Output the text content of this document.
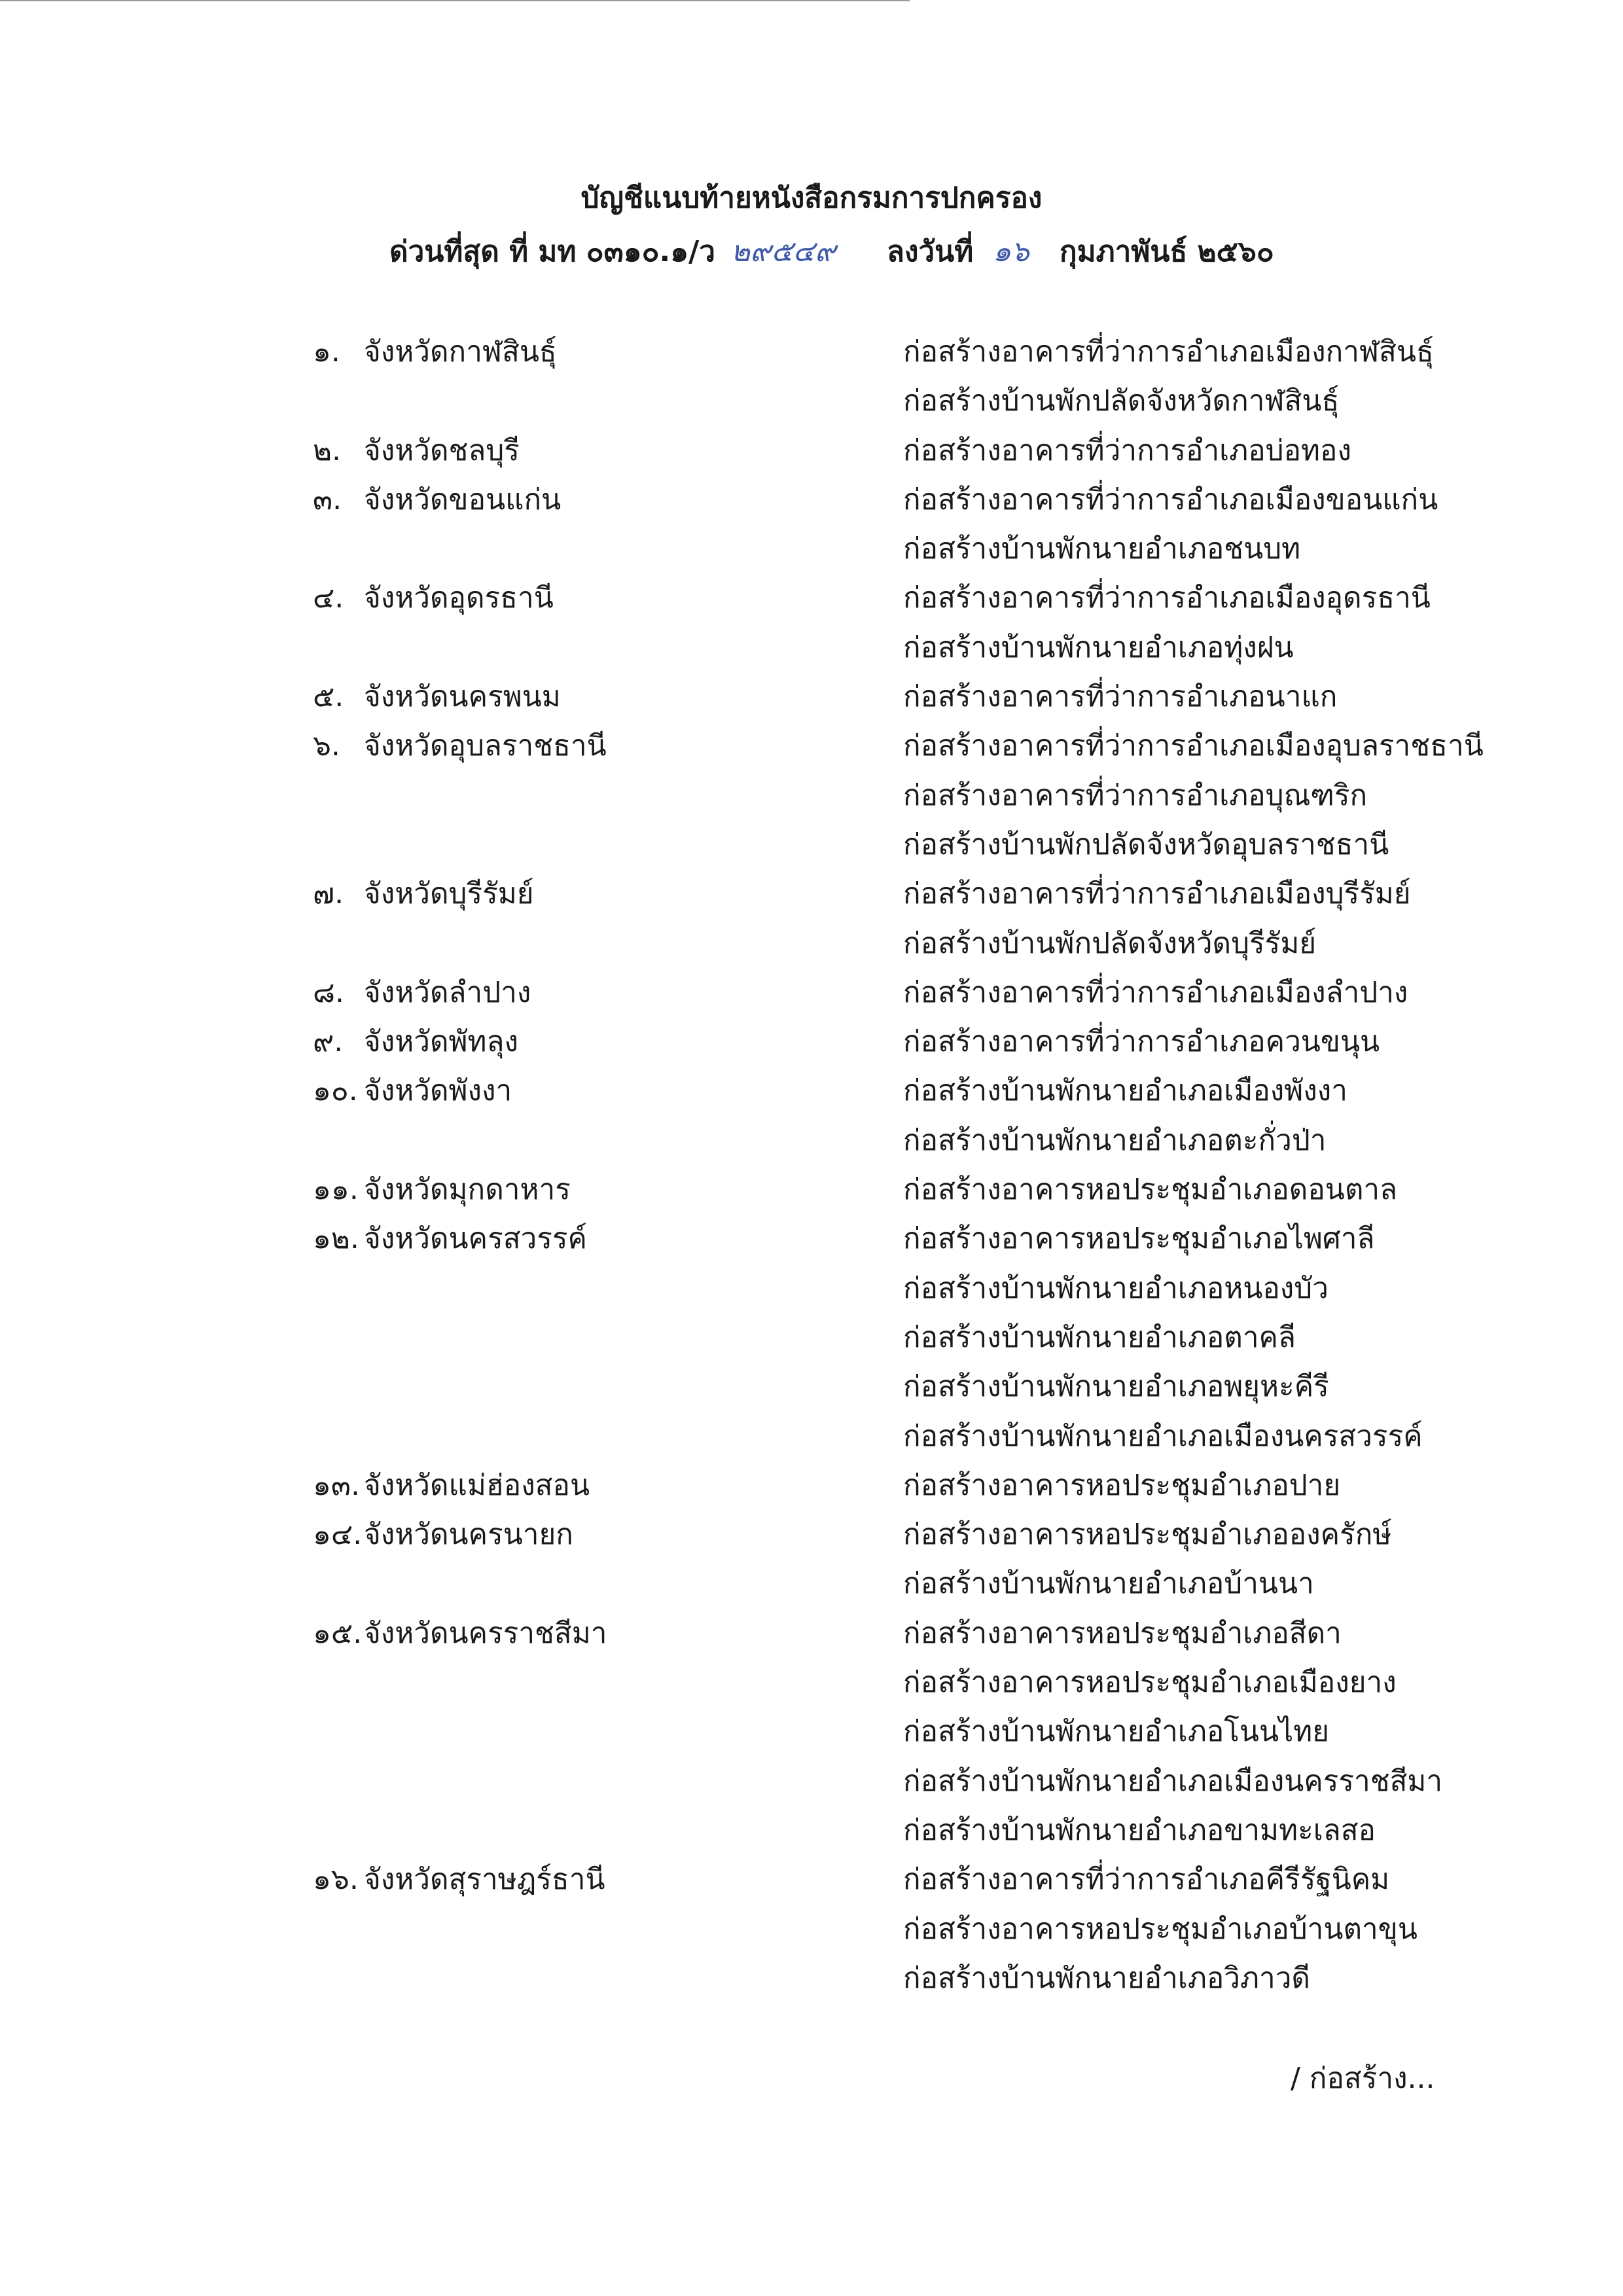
บัญชีแนบท้ายหนังสือกรมการปกครอง
ด่วนที่สุด ที่ มท ๐๓๑๐.๑/ว ๒๙๕๔๙ ลงวันที่ ๑๖ กุมภาพันธ์ ๒๕๖๐
๑. จังหวัดกาฬสินธุ์	ก่อสร้างอาคารที่ว่าการอำเภอเมืองกาฬสินธุ์
ก่อสร้างบ้านพักปลัดจังหวัดกาฬสินธุ์
๒. จังหวัดชลบุรี	ก่อสร้างอาคารที่ว่าการอำเภอบ่อทอง
๓. จังหวัดขอนแก่น	ก่อสร้างอาคารที่ว่าการอำเภอเมืองขอนแก่น
ก่อสร้างบ้านพักนายอำเภอชนบท
๔. จังหวัดอุดรธานี	ก่อสร้างอาคารที่ว่าการอำเภอเมืองอุดรธานี
ก่อสร้างบ้านพักนายอำเภอทุ่งฝน
๕. จังหวัดนครพนม	ก่อสร้างอาคารที่ว่าการอำเภอนาแก
๖. จังหวัดอุบลราชธานี	ก่อสร้างอาคารที่ว่าการอำเภอเมืองอุบลราชธานี
ก่อสร้างอาคารที่ว่าการอำเภอบุณฑริก
ก่อสร้างบ้านพักปลัดจังหวัดอุบลราชธานี
๗. จังหวัดบุรีรัมย์	ก่อสร้างอาคารที่ว่าการอำเภอเมืองบุรีรัมย์
ก่อสร้างบ้านพักปลัดจังหวัดบุรีรัมย์
๘. จังหวัดลำปาง	ก่อสร้างอาคารที่ว่าการอำเภอเมืองลำปาง
๙. จังหวัดพัทลุง	ก่อสร้างอาคารที่ว่าการอำเภอควนขนุน
๑๐. จังหวัดพังงา	ก่อสร้างบ้านพักนายอำเภอเมืองพังงา
ก่อสร้างบ้านพักนายอำเภอตะกั่วป่า
๑๑. จังหวัดมุกดาหาร	ก่อสร้างอาคารหอประชุมอำเภอดอนตาล
๑๒. จังหวัดนครสวรรค์	ก่อสร้างอาคารหอประชุมอำเภอไพศาลี
ก่อสร้างบ้านพักนายอำเภอหนองบัว
ก่อสร้างบ้านพักนายอำเภอตาคลี
ก่อสร้างบ้านพักนายอำเภอพยุหะคีรี
ก่อสร้างบ้านพักนายอำเภอเมืองนครสวรรค์
๑๓. จังหวัดแม่ฮ่องสอน	ก่อสร้างอาคารหอประชุมอำเภอปาย
๑๔.จังหวัดนครนายก	ก่อสร้างอาคารหอประชุมอำเภอองครักษ์
ก่อสร้างบ้านพักนายอำเภอบ้านนา
๑๕.จังหวัดนครราชสีมา	ก่อสร้างอาคารหอประชุมอำเภอสีดา
ก่อสร้างอาคารหอประชุมอำเภอเมืองยาง
ก่อสร้างบ้านพักนายอำเภอโนนไทย
ก่อสร้างบ้านพักนายอำเภอเมืองนครราชสีมา
ก่อสร้างบ้านพักนายอำเภอขามทะเลสอ
๑๖. จังหวัดสุราษฎร์ธานี	ก่อสร้างอาคารที่ว่าการอำเภอคีรีรัฐนิคม
ก่อสร้างอาคารหอประชุมอำเภอบ้านตาขุน
ก่อสร้างบ้านพักนายอำเภอวิภาวดี
/ ก่อสร้าง...
